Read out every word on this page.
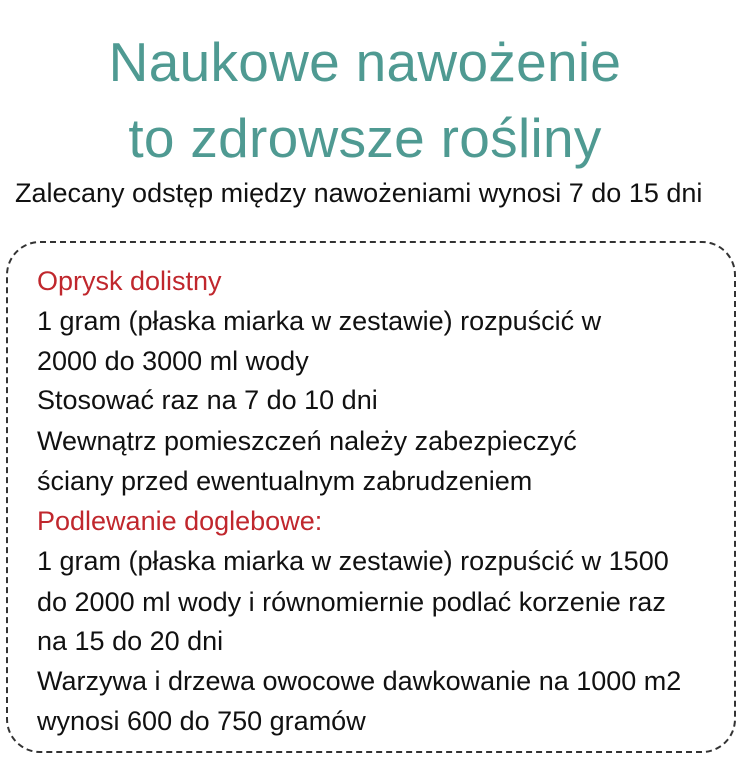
Naukowe nawożenie
to zdrowsze rośliny

Zalecany odstęp między nawożeniami wynosi 7 do 15 dni

Oprysk dolistny

1 gram (płaska miarka w zestawie) rozpuścić w

2000 do 3000 ml wody

Stosować raz na 7 do 10 dni

Wewnątrz pomieszczeń należy zabezpieczyć

ściany przed ewentualnym zabrudzeniem

Podlewanie doglebowe:

1 gram (płaska miarka w zestawie) rozpuścić w 1500

do 2000 ml wody i równomiernie podlać korzenie raz

na 15 do 20 dni

Warzywa i drzewa owocowe dawkowanie na 1000 m2

wynosi 600 do 750 gramów
